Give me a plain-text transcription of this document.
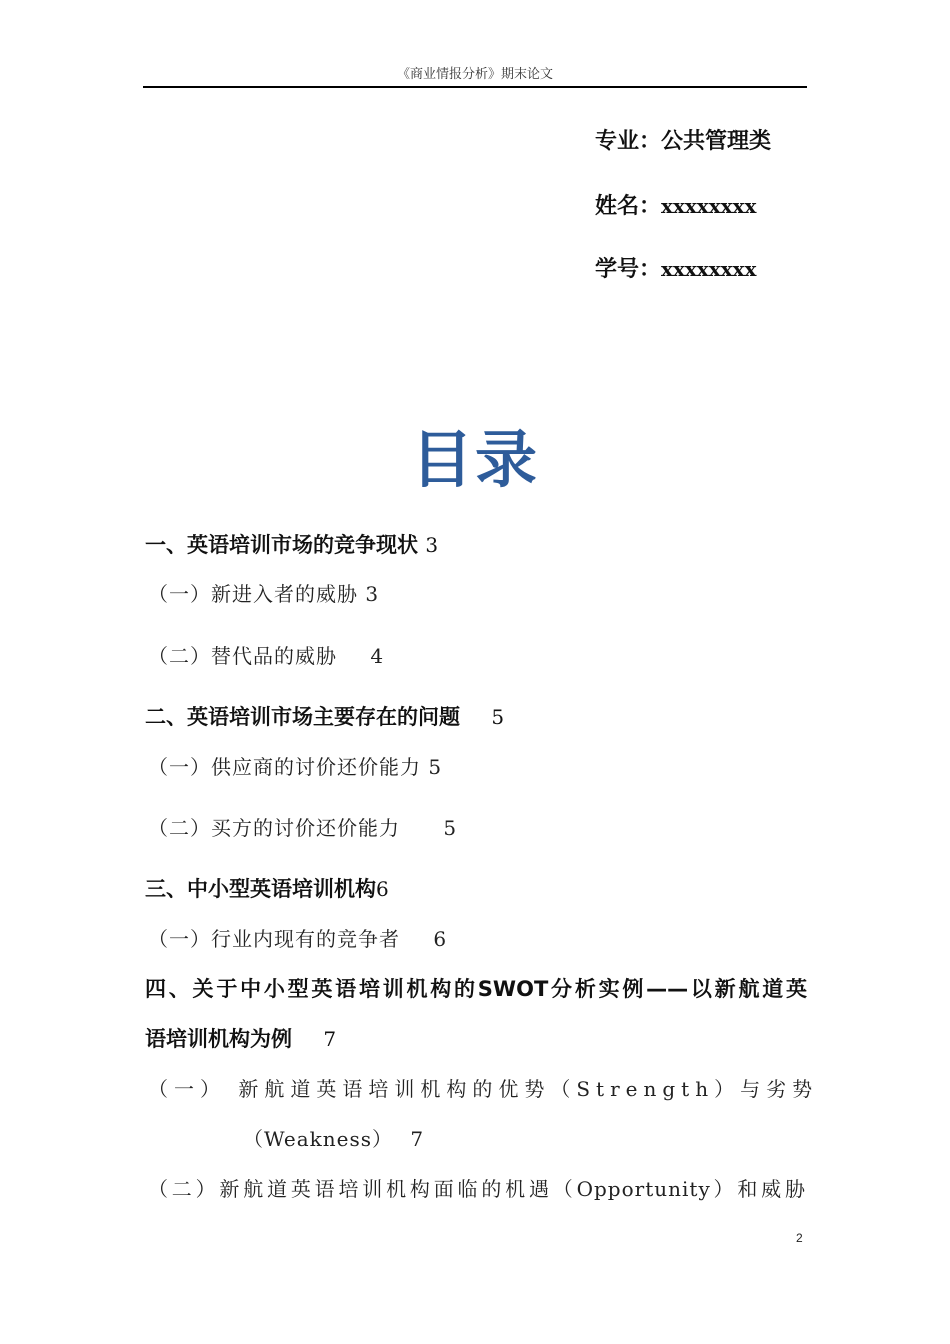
《商业情报分析》期末论文
专业：公共管理类
姓名：xxxxxxxx
学号：xxxxxxxx
目录
一、英语培训市场的竞争现状 3
（一）新进入者的威胁 3
（二）替代品的威胁 4
二、英语培训市场主要存在的问题 5
（一）供应商的讨价还价能力 5
（二）买方的讨价还价能力 5
三、中小型英语培训机构6
（一）行业内现有的竞争者 6
四、关于中小型英语培训机构的SWOT分析实例——以新航道英
语培训机构为例 7
（一） 新航道英语培训机构的优势（Strength）与劣势
（Weakness） 7
（二）新航道英语培训机构面临的机遇（Opportunity）和威胁
2
